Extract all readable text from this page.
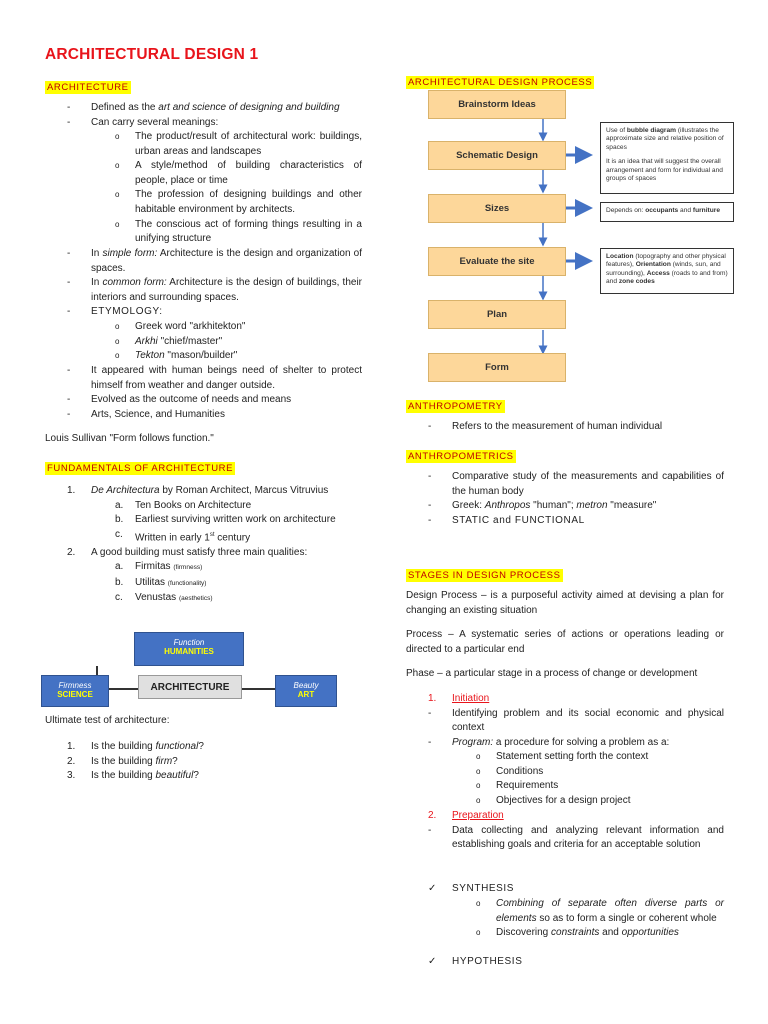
ARCHITECTURAL DESIGN 1
ARCHITECTURE
- Defined as the art and science of designing and building
- Can carry several meanings:
o The product/result of architectural work: buildings, urban areas and landscapes
o A style/method of building characteristics of people, place or time
o The profession of designing buildings and other habitable environment by architects.
o The conscious act of forming things resulting in a unifying structure
- In simple form: Architecture is the design and organization of spaces.
- In common form: Architecture is the design of buildings, their interiors and surrounding spaces.
- ETYMOLOGY:
o Greek word "arkhitekton"
o Arkhi "chief/master"
o Tekton "mason/builder"
- It appeared with human beings need of shelter to protect himself from weather and danger outside.
- Evolved as the outcome of needs and means
- Arts, Science, and Humanities
Louis Sullivan "Form follows function."
FUNDAMENTALS OF ARCHITECTURE
1. De Architectura by Roman Architect, Marcus Vitruvius
a. Ten Books on Architecture
b. Earliest surviving written work on architecture
c. Written in early 1st century
2. A good building must satisfy three main qualities:
a. Firmitas (firmness)
b. Utilitas (functionality)
c. Venustas (aesthetics)
Function
HUMANITIES
Firmness
SCIENCE
Beauty
ART
ARCHITECTURE
Ultimate test of architecture:
1. Is the building functional?
2. Is the building firm?
3. Is the building beautiful?
ARCHITECTURAL DESIGN PROCESS
Brainstorm Ideas
Schematic Design
Sizes
Evaluate the site
Plan
Form
Use of bubble diagram (illustrates the approximate size and relative position of spaces
It is an idea that will suggest the overall arrangement and form for individual and groups of spaces
Depends on: occupants and furniture
Location (topography and other physical features), Orientation (winds, sun, and surrounding), Access (roads to and from) and zone codes
ANTHROPOMETRY
- Refers to the measurement of human individual
ANTHROPOMETRICS
- Comparative study of the measurements and capabilities of the human body
- Greek: Anthropos "human"; metron "measure"
- STATIC and FUNCTIONAL
STAGES IN DESIGN PROCESS
Design Process – is a purposeful activity aimed at devising a plan for changing an existing situation
Process – A systematic series of actions or operations leading or directed to a particular end
Phase – a particular stage in a process of change or development
1. Initiation
- Identifying problem and its social economic and physical context
- Program: a procedure for solving a problem as a:
o Statement setting forth the context
o Conditions
o Requirements
o Objectives for a design project
2. Preparation
- Data collecting and analyzing relevant information and establishing goals and criteria for an acceptable solution
✓ SYNTHESIS
o Combining of separate often diverse parts or elements so as to form a single or coherent whole
o Discovering constraints and opportunities
✓ HYPOTHESIS
